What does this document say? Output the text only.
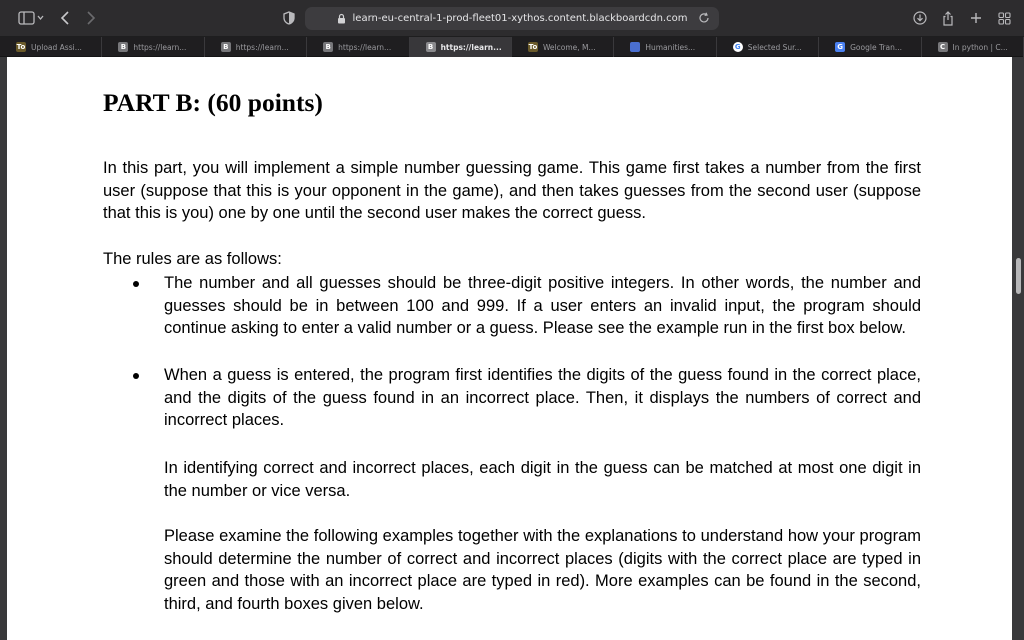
learn-eu-central-1-prod-fleet01-xythos.content.blackboardcdn.com
To Upload Assi...	B https://learn...	B https://learn...	B https://learn...	B https://learn...	To Welcome, M...	Humanities...	G Selected Sur...	G Google Tran...	C In python | C...
PART B: (60 points)
In this part, you will implement a simple number guessing game. This game first takes a number from the first user (suppose that this is your opponent in the game), and then takes guesses from the second user (suppose that this is you) one by one until the second user makes the correct guess.
The rules are as follows:
The number and all guesses should be three-digit positive integers. In other words, the number and guesses should be in between 100 and 999. If a user enters an invalid input, the program should continue asking to enter a valid number or a guess. Please see the example run in the first box below.
When a guess is entered, the program first identifies the digits of the guess found in the correct place, and the digits of the guess found in an incorrect place. Then, it displays the numbers of correct and incorrect places.
In identifying correct and incorrect places, each digit in the guess can be matched at most one digit in the number or vice versa.
Please examine the following examples together with the explanations to understand how your program should determine the number of correct and incorrect places (digits with the correct place are typed in green and those with an incorrect place are typed in red). More examples can be found in the second, third, and fourth boxes given below.
